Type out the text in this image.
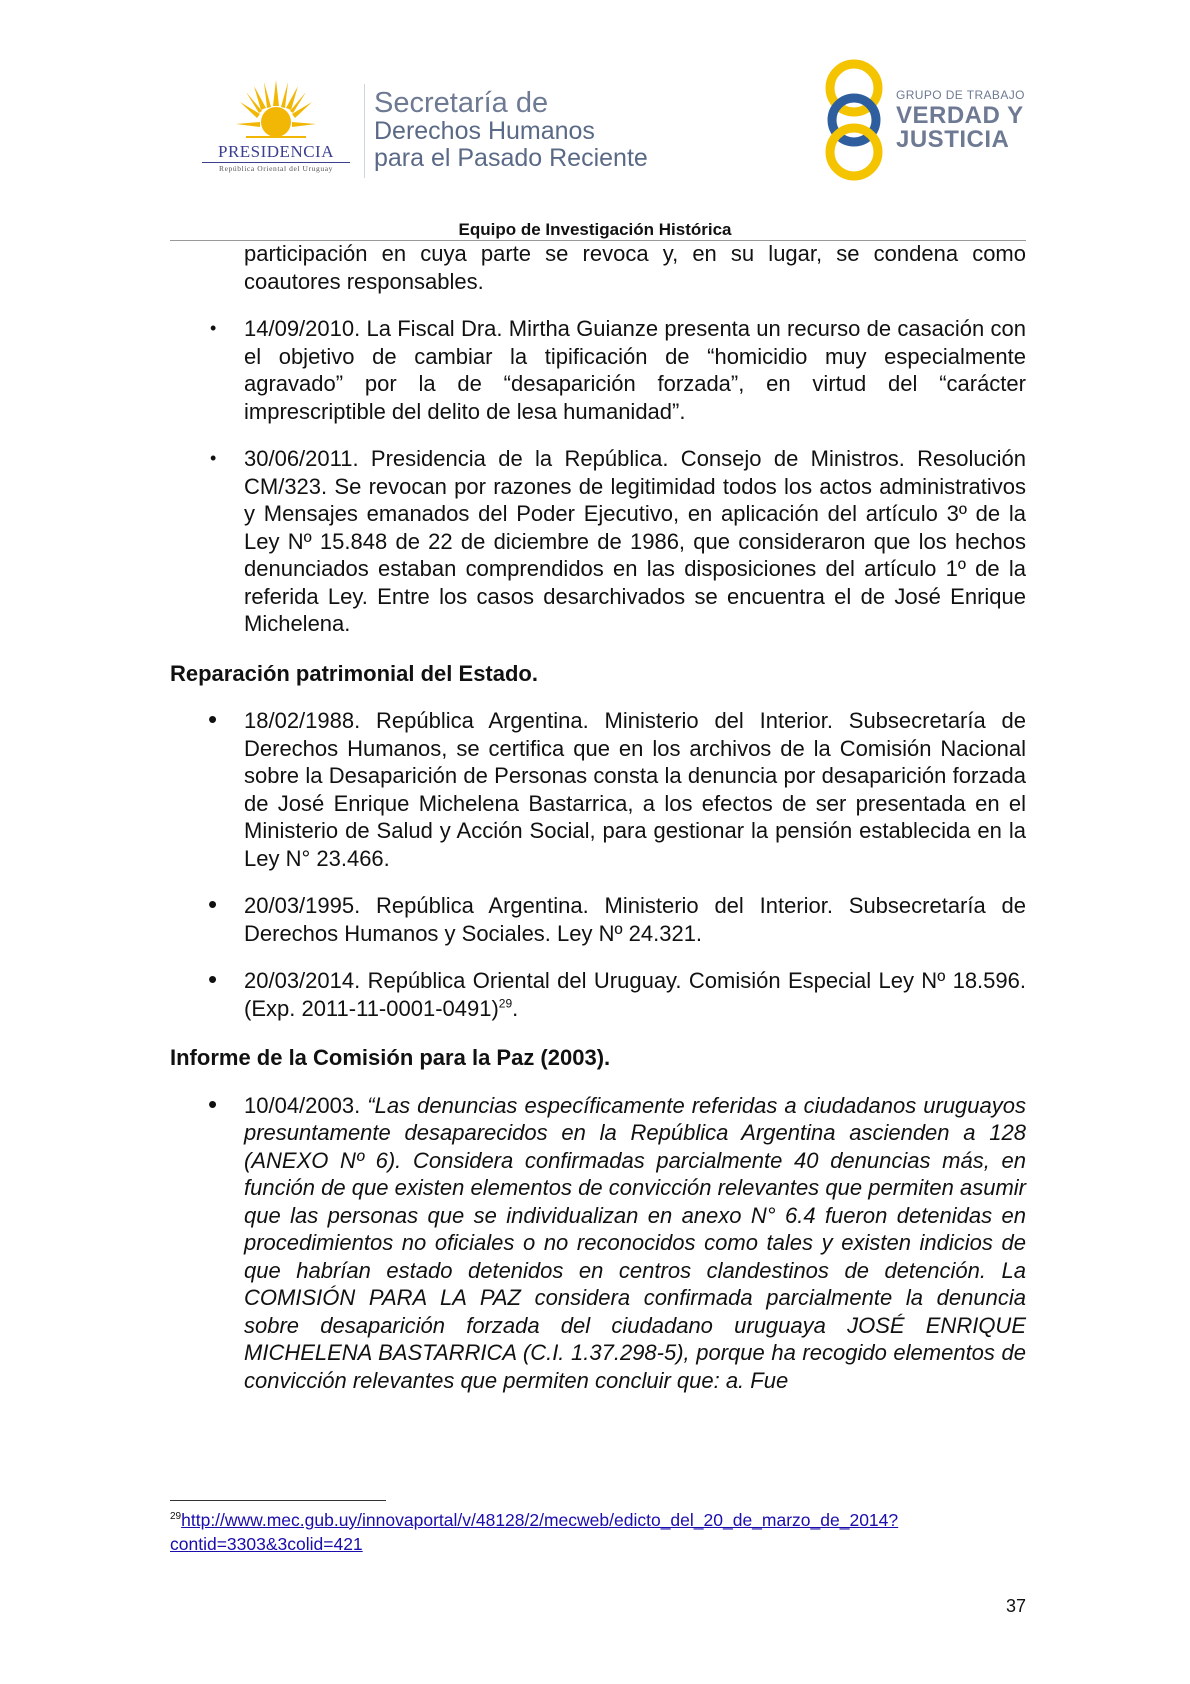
PRESIDENCIA
República Oriental del Uruguay
Secretaría de
Derechos Humanos
para el Pasado Reciente
GRUPO DE TRABAJO
VERDAD Y
JUSTICIA
Equipo de Investigación Histórica
participación en cuya parte se revoca y, en su lugar, se condena como coautores responsables.
• 14/09/2010. La Fiscal Dra. Mirtha Guianze presenta un recurso de casación con el objetivo de cambiar la tipificación de “homicidio muy especialmente agravado” por la de “desaparición forzada”, en virtud del “carácter imprescriptible del delito de lesa humanidad”.
• 30/06/2011. Presidencia de la República. Consejo de Ministros. Resolución CM/323. Se revocan por razones de legitimidad todos los actos administrativos y Mensajes emanados del Poder Ejecutivo, en aplicación del artículo 3º de la Ley Nº 15.848 de 22 de diciembre de 1986, que consideraron que los hechos denunciados estaban comprendidos en las disposiciones del artículo 1º de la referida Ley. Entre los casos desarchivados se encuentra el de José Enrique Michelena.
Reparación patrimonial del Estado.
• 18/02/1988. República Argentina. Ministerio del Interior. Subsecretaría de Derechos Humanos, se certifica que en los archivos de la Comisión Nacional sobre la Desaparición de Personas consta la denuncia por desaparición forzada de José Enrique Michelena Bastarrica, a los efectos de ser presentada en el Ministerio de Salud y Acción Social, para gestionar la pensión establecida en la Ley N° 23.466.
• 20/03/1995. República Argentina. Ministerio del Interior. Subsecretaría de Derechos Humanos y Sociales. Ley Nº 24.321.
• 20/03/2014. República Oriental del Uruguay. Comisión Especial Ley Nº 18.596. (Exp. 2011-11-0001-0491)$^{29}$.
Informe de la Comisión para la Paz (2003).
• 10/04/2003. “Las denuncias específicamente referidas a ciudadanos uruguayos presuntamente desaparecidos en la República Argentina ascienden a 128 (ANEXO Nº 6). Considera confirmadas parcialmente 40 denuncias más, en función de que existen elementos de convicción relevantes que permiten asumir que las personas que se individualizan en anexo N° 6.4 fueron detenidas en procedimientos no oficiales o no reconocidos como tales y existen indicios de que habrían estado detenidos en centros clandestinos de detención. La COMISIÓN PARA LA PAZ considera confirmada parcialmente la denuncia sobre desaparición forzada del ciudadano uruguaya JOSÉ ENRIQUE MICHELENA BASTARRICA (C.I. 1.37.298-5), porque ha recogido elementos de convicción relevantes que permiten concluir que: a. Fue
$^{29}$http://www.mec.gub.uy/innovaportal/v/48128/2/mecweb/edicto_del_20_de_marzo_de_2014?
contid=3303&3colid=421
37
